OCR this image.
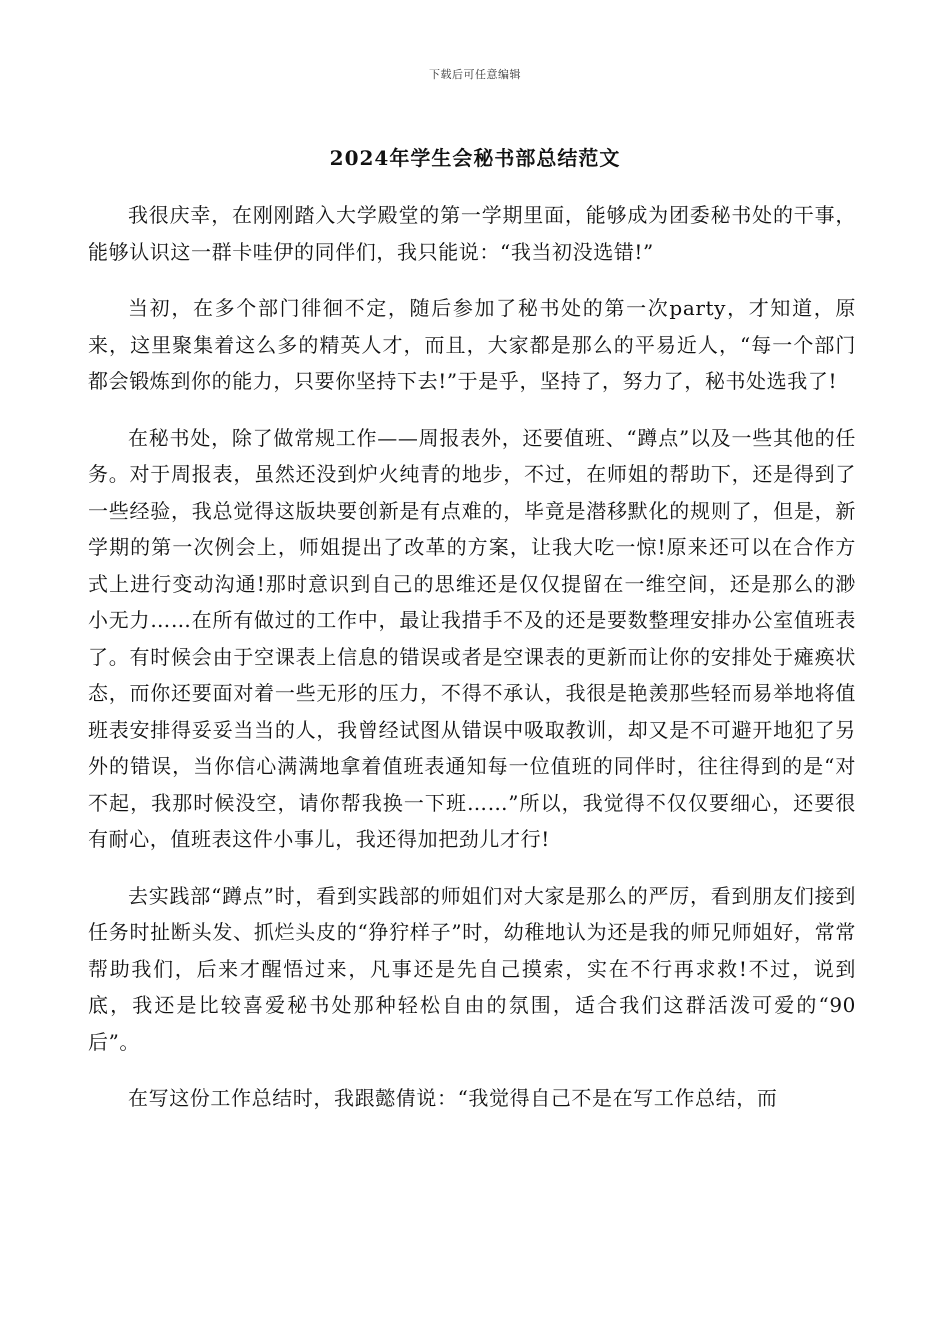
下载后可任意编辑
2024年学生会秘书部总结范文

我很庆幸，在刚刚踏入大学殿堂的第一学期里面，能够成为团委秘书处的干事，能够认识这一群卡哇伊的同伴们，我只能说：“我当初没选错!”

当初，在多个部门徘徊不定，随后参加了秘书处的第一次party，才知道，原来，这里聚集着这么多的精英人才，而且，大家都是那么的平易近人，“每一个部门都会锻炼到你的能力，只要你坚持下去!”于是乎，坚持了，努力了，秘书处选我了!

在秘书处，除了做常规工作——周报表外，还要值班、“蹲点”以及一些其他的任务。对于周报表，虽然还没到炉火纯青的地步，不过，在师姐的帮助下，还是得到了一些经验，我总觉得这版块要创新是有点难的，毕竟是潜移默化的规则了，但是，新学期的第一次例会上，师姐提出了改革的方案，让我大吃一惊!原来还可以在合作方式上进行变动沟通!那时意识到自己的思维还是仅仅提留在一维空间，还是那么的渺小无力……在所有做过的工作中，最让我措手不及的还是要数整理安排办公室值班表了。有时候会由于空课表上信息的错误或者是空课表的更新而让你的安排处于瘫痪状态，而你还要面对着一些无形的压力，不得不承认，我很是艳羡那些轻而易举地将值班表安排得妥妥当当的人，我曾经试图从错误中吸取教训，却又是不可避开地犯了另外的错误，当你信心满满地拿着值班表通知每一位值班的同伴时，往往得到的是“对不起，我那时候没空，请你帮我换一下班……”所以，我觉得不仅仅要细心，还要很有耐心，值班表这件小事儿，我还得加把劲儿才行!

去实践部“蹲点”时，看到实践部的师姐们对大家是那么的严厉，看到朋友们接到任务时扯断头发、抓烂头皮的“狰狞样子”时，幼稚地认为还是我的师兄师姐好，常常帮助我们，后来才醒悟过来，凡事还是先自己摸索，实在不行再求救!不过，说到底，我还是比较喜爱秘书处那种轻松自由的氛围，适合我们这群活泼可爱的“90后”。

在写这份工作总结时，我跟懿倩说：“我觉得自己不是在写工作总结，而
